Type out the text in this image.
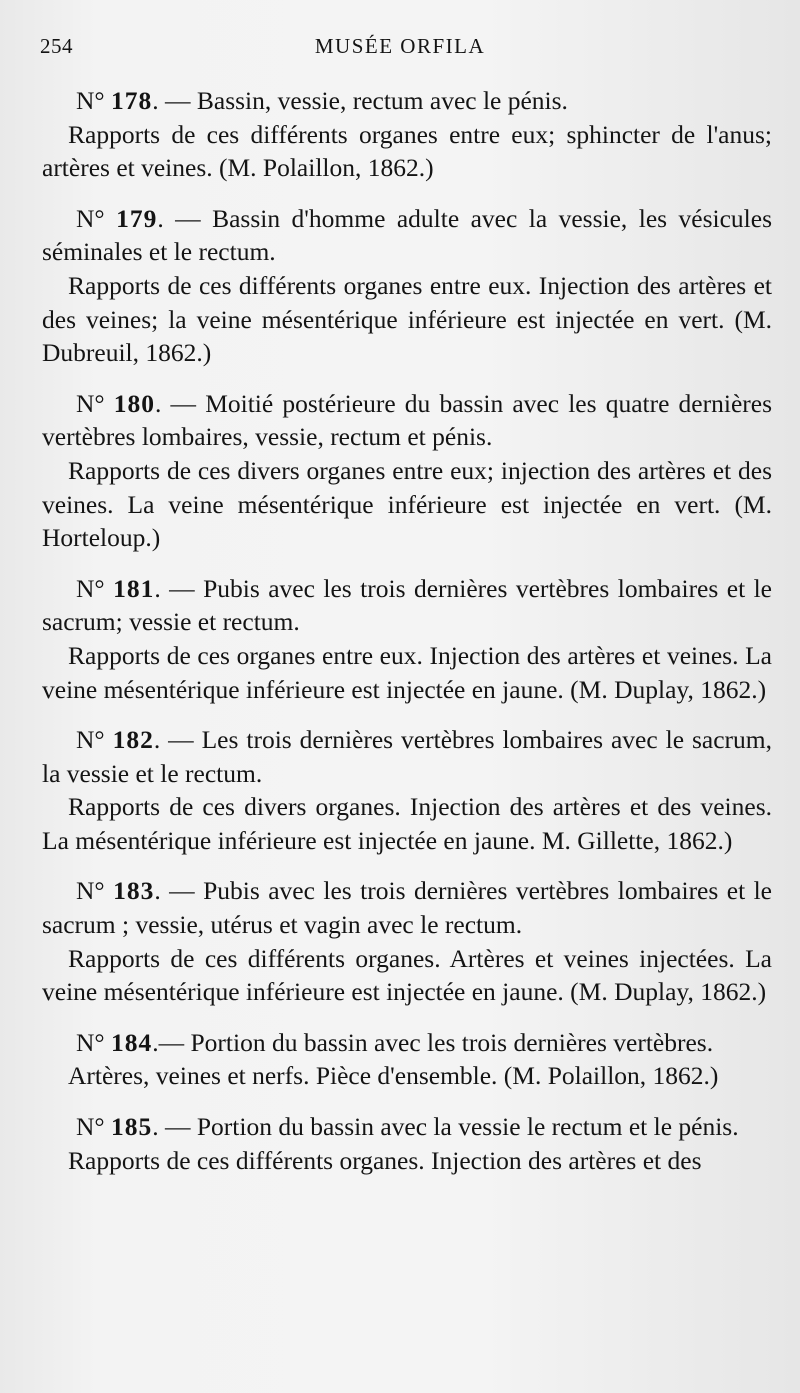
254	MUSÉE ORFILA

N° 178. — Bassin, vessie, rectum avec le pénis.

Rapports de ces différents organes entre eux; sphincter de l'anus; artères et veines. (M. Polaillon, 1862.)

N° 179. — Bassin d'homme adulte avec la vessie, les vésicules séminales et le rectum.

Rapports de ces différents organes entre eux. Injection des artères et des veines; la veine mésentérique inférieure est injectée en vert. (M. Dubreuil, 1862.)

N° 180. — Moitié postérieure du bassin avec les quatre dernières vertèbres lombaires, vessie, rectum et pénis.

Rapports de ces divers organes entre eux; injection des artères et des veines. La veine mésentérique inférieure est injectée en vert. (M. Horteloup.)

N° 181. — Pubis avec les trois dernières vertèbres lombaires et le sacrum; vessie et rectum.

Rapports de ces organes entre eux. Injection des artères et veines. La veine mésentérique inférieure est injectée en jaune. (M. Duplay, 1862.)

N° 182. — Les trois dernières vertèbres lombaires avec le sacrum, la vessie et le rectum.

Rapports de ces divers organes. Injection des artères et des veines. La mésentérique inférieure est injectée en jaune. M. Gillette, 1862.)

N° 183. — Pubis avec les trois dernières vertèbres lombaires et le sacrum ; vessie, utérus et vagin avec le rectum.

Rapports de ces différents organes. Artères et veines injectées. La veine mésentérique inférieure est injectée en jaune. (M. Duplay, 1862.)

N° 184.— Portion du bassin avec les trois dernières vertèbres.

Artères, veines et nerfs. Pièce d'ensemble. (M. Polaillon, 1862.)

N° 185. — Portion du bassin avec la vessie le rectum et le pénis.

Rapports de ces différents organes. Injection des artères et des
